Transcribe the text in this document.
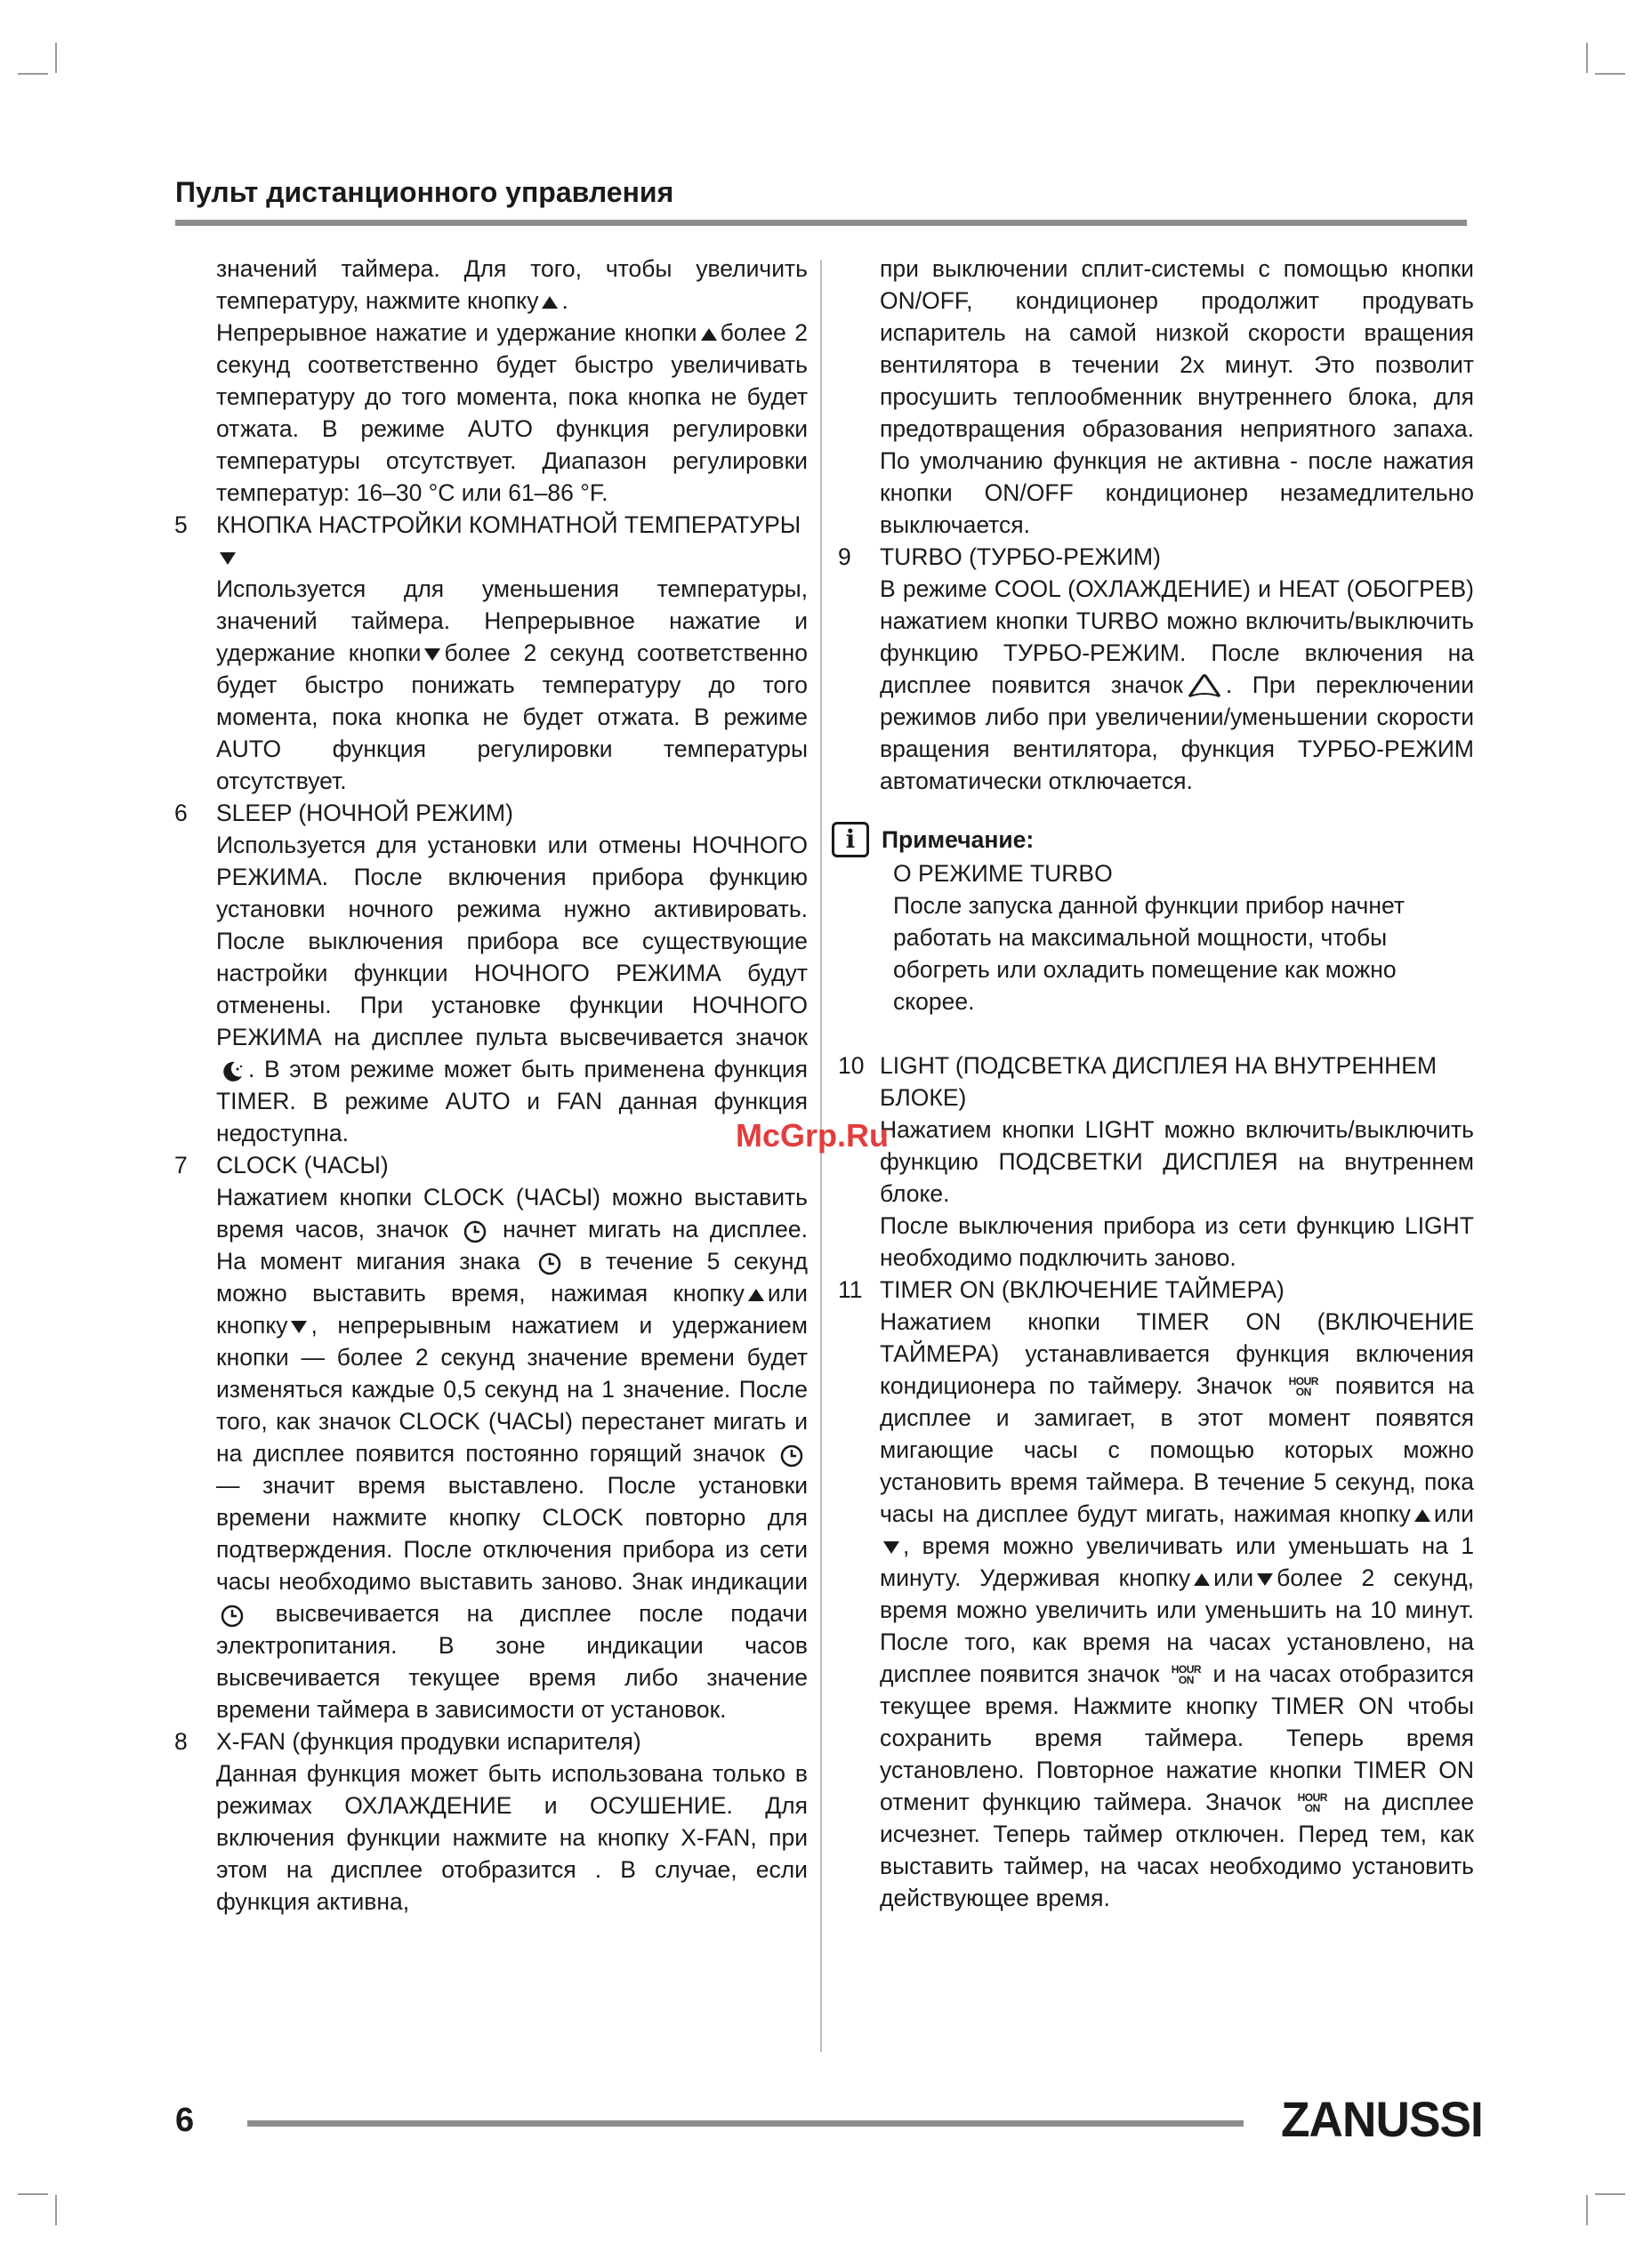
Пульт дистанционного управления

значений таймера. Для того, чтобы увеличить температуру, нажмите кнопку .

Непрерывное нажатие и удержание кнопки более 2 секунд соответственно будет быстро увеличивать температуру до того момента, пока кнопка не будет отжата. В режиме AUTO функция регулировки температуры отсутствует. Диапазон регулировки температур: 16–30 °С или 61–86 °F.

5	КНОПКА НАСТРОЙКИ КОМНАТНОЙ ТЕМПЕРАТУРЫ

Используется для уменьшения температуры, значений таймера. Непрерывное нажатие и удержание кнопки более 2 секунд соответственно будет быстро понижать температуру до того момента, пока кнопка не будет отжата. В режиме AUTO функция регулировки температуры отсутствует.

6	SLEEP (НОЧНОЙ РЕЖИМ)

Используется для установки или отмены НОЧНОГО РЕЖИМА. После включения прибора функцию установки ночного режима нужно активировать. После выключения прибора все существующие настройки функции НОЧНОГО РЕЖИМА будут отменены. При установке функции НОЧНОГО РЕЖИМА на дисплее пульта высвечивается значок. В этом режиме может быть применена функция TIMER. В режиме AUTO и FAN данная функция недоступна.

7	CLOCK (ЧАСЫ)

Нажатием кнопки CLOCK (ЧАСЫ) можно выставить время часов, значок начнет мигать на дисплее. На момент мигания знака	в течение 5 секунд можно выставить время, нажимая кнопку или кнопку , непрерывным нажатием и удержанием кнопки — более 2 секунд значение времени будет изменяться каждые 0,5 секунд на 1 значение. После того, как значок CLOCK (ЧАСЫ) перестанет мигать и на дисплее появится постоянно горящий значок  — значит время выставлено. После установки времени нажмите кнопку CLOCK повторно для подтверждения. После отключения прибора из сети часы необходимо выставить заново. Знак индикации  высвечивается на дисплее после подачи электропитания. В зоне индикации часов высвечивается текущее время либо значение времени таймера в зависимости от установок.

8	X-FAN (функция продувки испарителя)

Данная функция может быть использована только в режимах ОХЛАЖДЕНИЕ и ОСУШЕНИЕ. Для включения функции нажмите на кнопку X-FAN, при этом на дисплее отобразится . В случае, если функция активна,

при выключении сплит-системы с помощью кнопки ON/OFF, кондиционер продолжит продувать испаритель на самой низкой скорости вращения вентилятора в течении 2х минут. Это позволит просушить теплообменник внутреннего блока, для предотвращения образования неприятного запаха. По умолчанию функция не активна - после нажатия кнопки ON/OFF кондиционер незамедлительно выключается.

9	TURBO (ТУРБО-РЕЖИМ)

В режиме COOL (ОХЛАЖДЕНИЕ) и HEAT (ОБОГРЕВ) нажатием кнопки TURBO можно включить/выключить функцию ТУРБО-РЕЖИМ. После включения на дисплее появится значок . При переключении режимов либо при увеличении/уменьшении скорости вращения вентилятора, функция ТУРБО-РЕЖИМ автоматически отключается.

i	Примечание:

О РЕЖИМЕ TURBO

После запуска данной функции прибор начнет работать на максимальной мощности, чтобы обогреть или охладить помещение как можно скорее.

10 LIGHT (ПОДСВЕТКА ДИСПЛЕЯ НА ВНУТРЕННЕМ БЛОКЕ)

Нажатием кнопки LIGHT можно включить/выключить функцию ПОДСВЕТКИ ДИСПЛЕЯ на внутреннем блоке.

После выключения прибора из сети функцию LIGHT необходимо подключить заново.

11 TIMER ON (ВКЛЮЧЕНИЕ ТАЙМЕРА)

Нажатием кнопки TIMER ON (ВКЛЮЧЕНИЕ ТАЙМЕРА) устанавливается функция включения кондиционера по таймеру. Значок HOUR
ON появится на дисплее и замигает, в этот момент появятся мигающие часы с помощью которых можно установить время таймера. В течение 5 секунд, пока часы на дисплее будут мигать, нажимая кнопку или, время можно увеличивать или уменьшать на 1 минуту. Удерживая кнопку или более 2 секунд, время можно увеличить или уменьшить на 10 минут. После того, как время на часах установлено, на дисплее появится значок HOUR
ON и на часах отобразится текущее время. Нажмите кнопку TIMER ON чтобы сохранить время таймера. Теперь время установлено. Повторное нажатие кнопки TIMER ON отменит функцию таймера. Значок HOUR
ON на дисплее исчезнет. Теперь таймер отключен. Перед тем, как выставить таймер, на часах необходимо установить действующее время.

McGrp.Ru
6	ZANUSSI
